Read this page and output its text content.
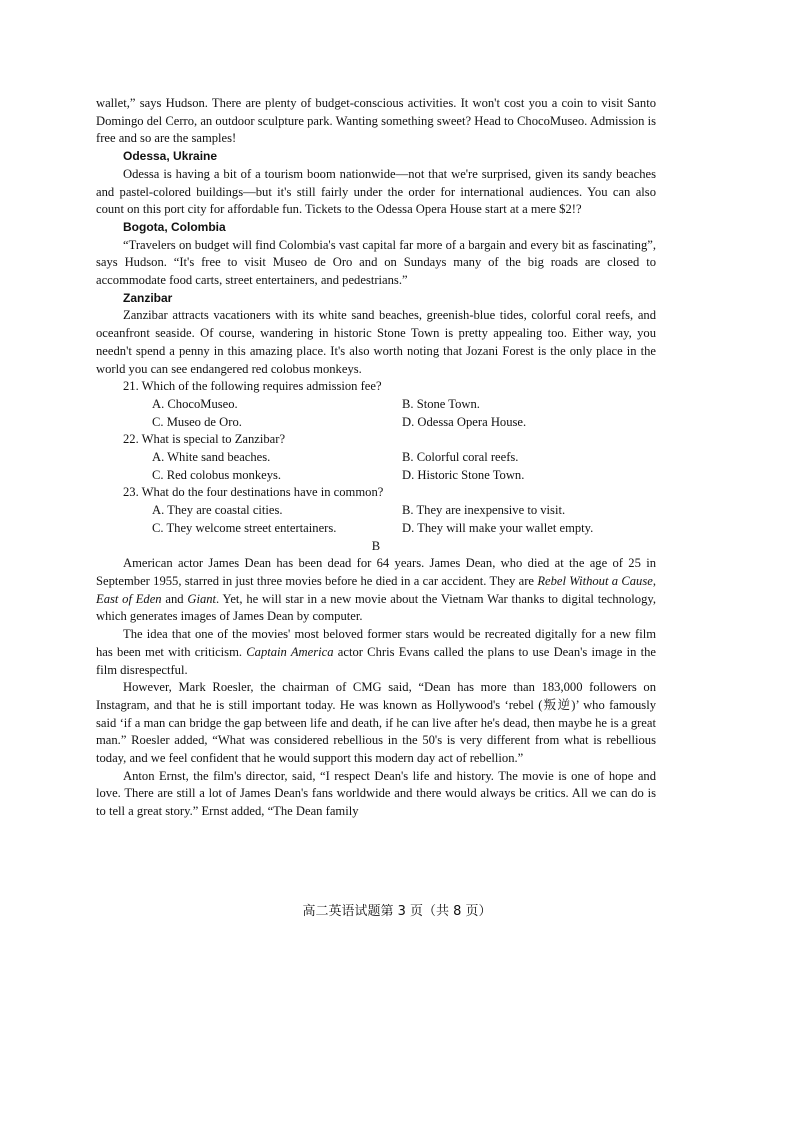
wallet,” says Hudson. There are plenty of budget-conscious activities. It won't cost you a coin to visit Santo Domingo del Cerro, an outdoor sculpture park. Wanting something sweet? Head to ChocoMuseo. Admission is free and so are the samples!

Odessa, Ukraine

Odessa is having a bit of a tourism boom nationwide—not that we're surprised, given its sandy beaches and pastel-colored buildings—but it's still fairly under the order for international audiences. You can also count on this port city for affordable fun. Tickets to the Odessa Opera House start at a mere $2!?

Bogota, Colombia

“Travelers on budget will find Colombia's vast capital far more of a bargain and every bit as fascinating”, says Hudson. “It's free to visit Museo de Oro and on Sundays many of the big roads are closed to accommodate food carts, street entertainers, and pedestrians.”

Zanzibar

Zanzibar attracts vacationers with its white sand beaches, greenish-blue tides, colorful coral reefs, and oceanfront seaside. Of course, wandering in historic Stone Town is pretty appealing too. Either way, you needn't spend a penny in this amazing place. It's also worth noting that Jozani Forest is the only place in the world you can see endangered red colobus monkeys.

21. Which of the following requires admission fee?

A. ChocoMuseo.	B. Stone Town.
C. Museo de Oro.	D. Odessa Opera House.

22. What is special to Zanzibar?

A. White sand beaches.	B. Colorful coral reefs.
C. Red colobus monkeys.	D. Historic Stone Town.

23. What do the four destinations have in common?

A. They are coastal cities.	B. They are inexpensive to visit.
C. They welcome street entertainers.	D. They will make your wallet empty.

B

American actor James Dean has been dead for 64 years. James Dean, who died at the age of 25 in September 1955, starred in just three movies before he died in a car accident. They are Rebel Without a Cause, East of Eden and Giant. Yet, he will star in a new movie about the Vietnam War thanks to digital technology, which generates images of James Dean by computer.

The idea that one of the movies' most beloved former stars would be recreated digitally for a new film has been met with criticism. Captain America actor Chris Evans called the plans to use Dean's image in the film disrespectful.

However, Mark Roesler, the chairman of CMG said, “Dean has more than 183,000 followers on Instagram, and that he is still important today. He was known as Hollywood's ‘rebel (叛逆)’ who famously said ‘if a man can bridge the gap between life and death, if he can live after he's dead, then maybe he is a great man.” Roesler added, “What was considered rebellious in the 50's is very different from what is rebellious today, and we feel confident that he would support this modern day act of rebellion.”

Anton Ernst, the film's director, said, “I respect Dean's life and history. The movie is one of hope and love. There are still a lot of James Dean's fans worldwide and there would always be critics. All we can do is to tell a great story.” Ernst added, “The Dean family

高二英语试题第 3 页（共 8 页）
